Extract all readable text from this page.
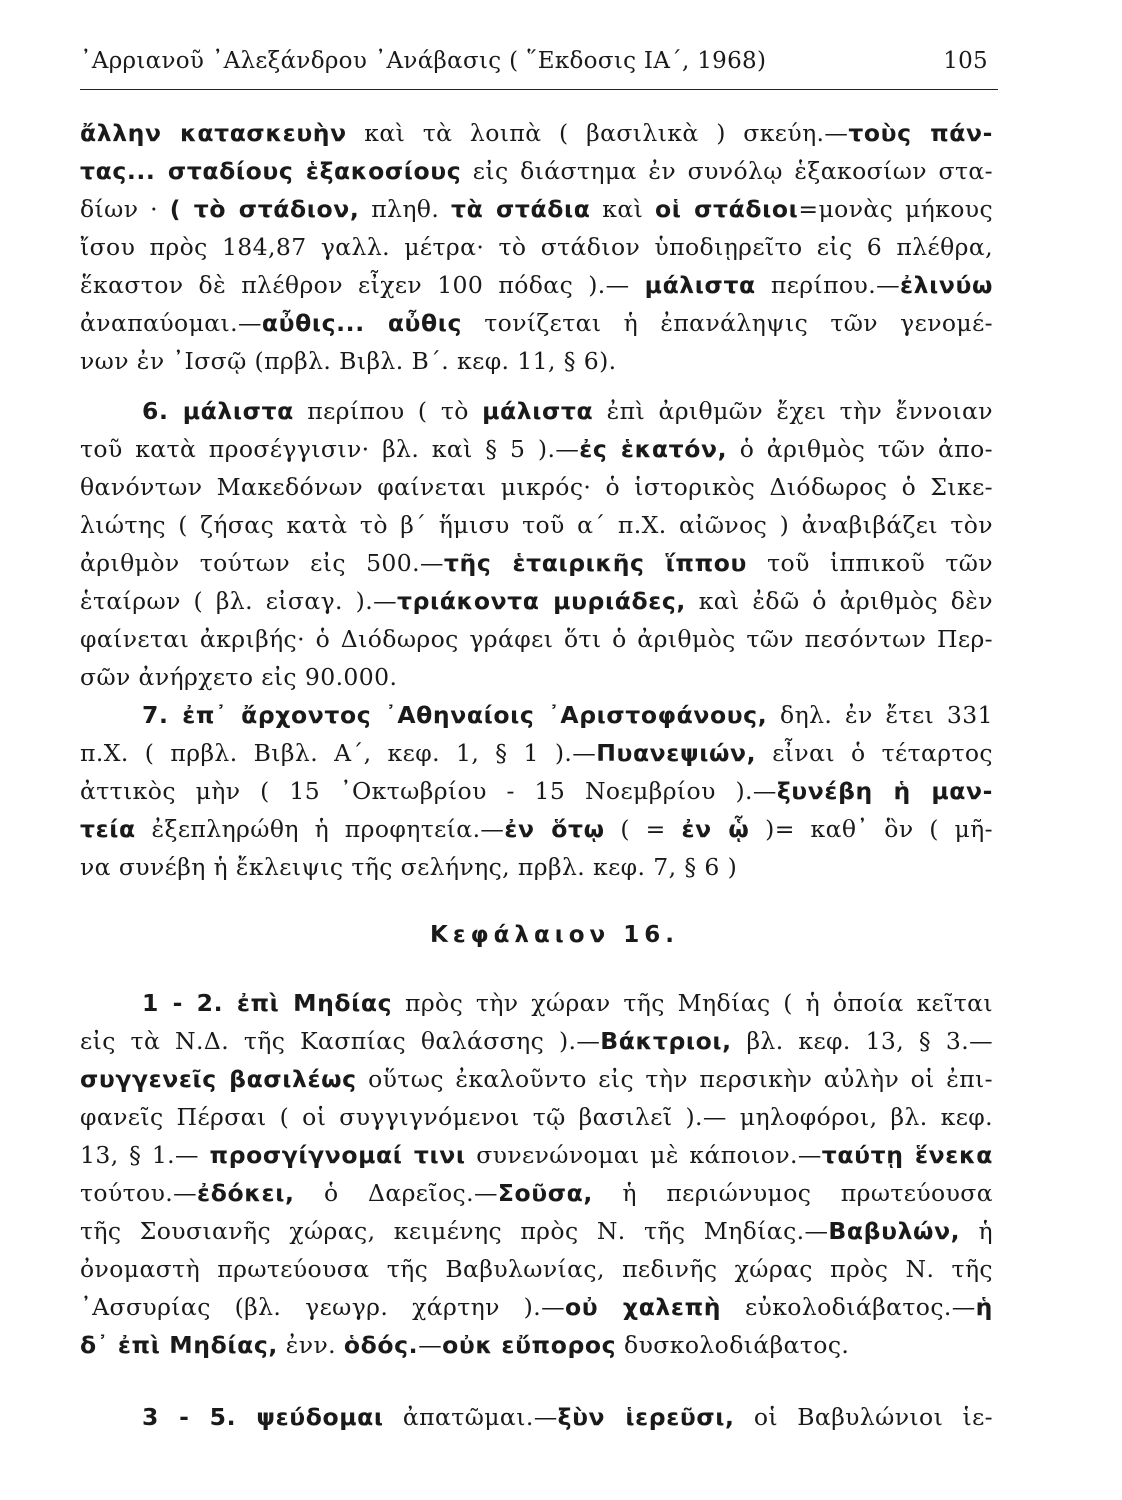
᾿Αρριανοῦ ᾿Αλεξάνδρου ᾿Ανάβασις ( ῞Εκδοσις ΙΑ΄, 1968)	105
ἄλλην κατασκευὴν καὶ τὰ λοιπὰ ( βασιλικὰ ) σκεύη.—τοὺς πάν-
τας... σταδίους ἑξακοσίους εἰς διάστημα ἐν συνόλῳ ἑξακοσίων στα-
δίων · ( τὸ στάδιον, πληθ. τὰ στάδια καὶ οἱ στάδιοι=μονὰς μήκους
ἴσου πρὸς 184,87 γαλλ. μέτρα· τὸ στάδιον ὑποδιῃρεῖτο εἰς 6 πλέθρα,
ἕκαστον δὲ πλέθρον εἶχεν 100 πόδας ).— μάλιστα περίπου.—ἐλινύω
ἀναπαύομαι.—αὖθις... αὖθις τονίζεται ἡ ἐπανάληψις τῶν γενομέ-
νων ἐν ᾿Ισσῷ (πρβλ. Βιβλ. Β΄. κεφ. 11, § 6).
6. μάλιστα περίπου ( τὸ μάλιστα ἐπὶ ἀριθμῶν ἔχει τὴν ἔννοιαν
τοῦ κατὰ προσέγγισιν· βλ. καὶ § 5 ).—ἐς ἑκατόν, ὁ ἀριθμὸς τῶν ἀπο-
θανόντων Μακεδόνων φαίνεται μικρός· ὁ ἱστορικὸς Διόδωρος ὁ Σικε-
λιώτης ( ζήσας κατὰ τὸ β΄ ἥμισυ τοῦ α΄ π.Χ. αἰῶνος ) ἀναβιβάζει τὸν
ἀριθμὸν τούτων εἰς 500.—τῆς ἑταιρικῆς ἵππου τοῦ ἱππικοῦ τῶν
ἑταίρων ( βλ. εἰσαγ. ).—τριάκοντα μυριάδες, καὶ ἐδῶ ὁ ἀριθμὸς δὲν
φαίνεται ἀκριβής· ὁ Διόδωρος γράφει ὅτι ὁ ἀριθμὸς τῶν πεσόντων Περ-
σῶν ἀνήρχετο εἰς 90.000.
7. ἐπ᾿ ἄρχοντος ᾿Αθηναίοις ᾿Αριστοφάνους, δηλ. ἐν ἔτει 331
π.Χ. ( πρβλ. Βιβλ. Α΄, κεφ. 1, § 1 ).—Πυανεψιών, εἶναι ὁ τέταρτος
ἀττικὸς μὴν ( 15 ᾿Οκτωβρίου - 15 Νοεμβρίου ).—ξυνέβη ἡ μαν-
τεία ἐξεπληρώθη ἡ προφητεία.—ἐν ὅτῳ ( = ἐν ᾧ )= καθ᾿ ὃν ( μῆ-
να συνέβη ἡ ἔκλειψις τῆς σελήνης, πρβλ. κεφ. 7, § 6 )
Κεφάλαιον 16.
1 - 2. ἐπὶ Μηδίας πρὸς τὴν χώραν τῆς Μηδίας ( ἡ ὁποία κεῖται
εἰς τὰ Ν.Δ. τῆς Κασπίας θαλάσσης ).—Βάκτριοι, βλ. κεφ. 13, § 3.—
συγγενεῖς βασιλέως οὕτως ἐκαλοῦντο εἰς τὴν περσικὴν αὐλὴν οἱ ἐπι-
φανεῖς Πέρσαι ( οἱ συγγιγνόμενοι τῷ βασιλεῖ ).— μηλοφόροι, βλ. κεφ.
13, § 1.— προσγίγνομαί τινι συνενώνομαι μὲ κάποιον.—ταύτῃ ἕνεκα
τούτου.—ἐδόκει, ὁ Δαρεῖος.—Σοῦσα, ἡ περιώνυμος πρωτεύουσα
τῆς Σουσιανῆς χώρας, κειμένης πρὸς Ν. τῆς Μηδίας.—Βαβυλών, ἡ
ὀνομαστὴ πρωτεύουσα τῆς Βαβυλωνίας, πεδινῆς χώρας πρὸς Ν. τῆς
᾿Ασσυρίας (βλ. γεωγρ. χάρτην ).—οὐ χαλεπὴ εὐκολοδιάβατος.—ἡ
δ᾿ ἐπὶ Μηδίας, ἐνν. ὁδός.—οὐκ εὔπορος δυσκολοδιάβατος.
3 - 5. ψεύδομαι ἀπατῶμαι.—ξὺν ἱερεῦσι, οἱ Βαβυλώνιοι ἱε-
